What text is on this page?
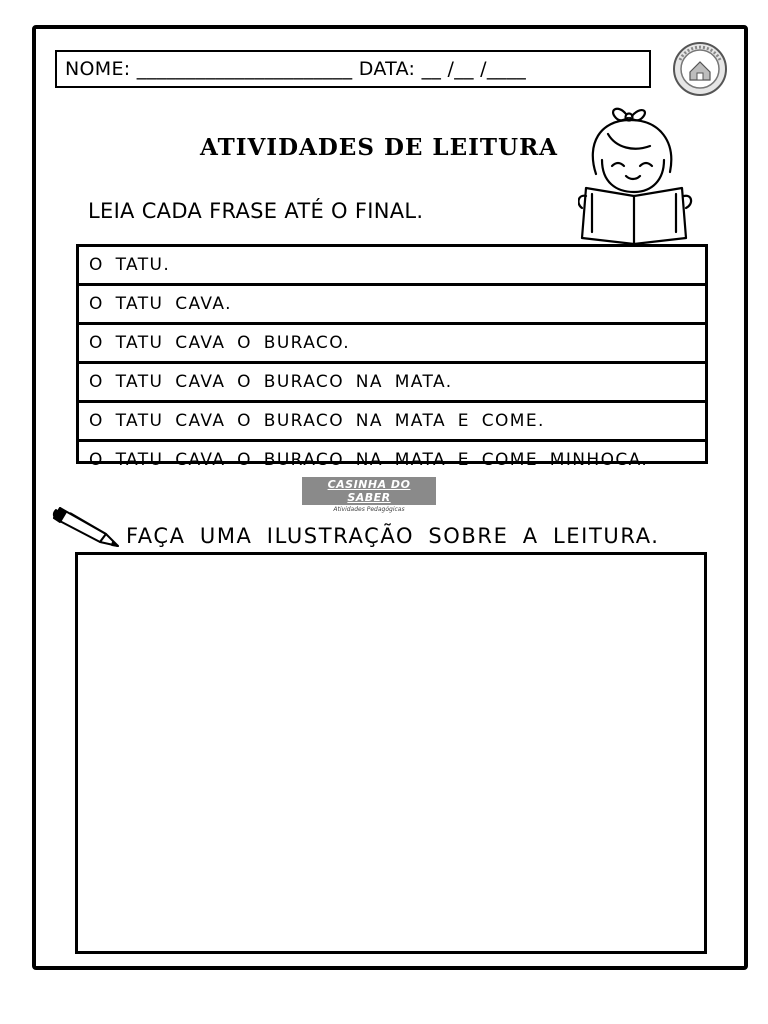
NOME: ______________________ DATA: __ /__ /____
ATIVIDADES DE LEITURA
LEIA CADA FRASE ATÉ O FINAL.
O TATU.
O TATU CAVA.
O TATU CAVA O BURACO.
O TATU CAVA O BURACO NA MATA.
O TATU CAVA O BURACO NA MATA E COME.
O TATU CAVA O BURACO NA MATA E COME MINHOCA.
CASINHA DO SABER
Atividades Pedagógicas
FAÇA UMA ILUSTRAÇÃO SOBRE A LEITURA.
